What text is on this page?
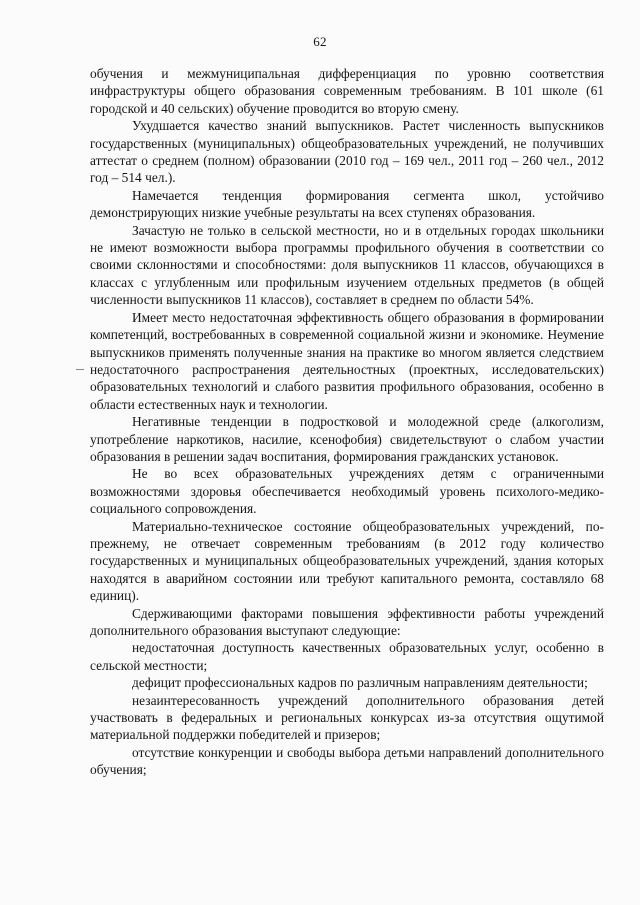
62

обучения и межмуниципальная дифференциация по уровню соответствия инфраструктуры общего образования современным требованиям. В 101 школе (61 городской и 40 сельских) обучение проводится во вторую смену.

Ухудшается качество знаний выпускников. Растет численность выпускников государственных (муниципальных) общеобразовательных учреждений, не получивших аттестат о среднем (полном) образовании (2010 год – 169 чел., 2011 год – 260 чел., 2012 год – 514 чел.).

Намечается тенденция формирования сегмента школ, устойчиво демонстрирующих низкие учебные результаты на всех ступенях образования.

Зачастую не только в сельской местности, но и в отдельных городах школьники не имеют возможности выбора программы профильного обучения в соответствии со своими склонностями и способностями: доля выпускников 11 классов, обучающихся в классах с углубленным или профильным изучением отдельных предметов (в общей численности выпускников 11 классов), составляет в среднем по области 54%.

Имеет место недостаточная эффективность общего образования в формировании компетенций, востребованных в современной социальной жизни и экономике. Неумение выпускников применять полученные знания на практике во многом является следствием недостаточного распространения деятельностных (проектных, исследовательских) образовательных технологий и слабого развития профильного образования, особенно в области естественных наук и технологии.

Негативные тенденции в подростковой и молодежной среде (алкоголизм, употребление наркотиков, насилие, ксенофобия) свидетельствуют о слабом участии образования в решении задач воспитания, формирования гражданских установок.

Не во всех образовательных учреждениях детям с ограниченными возможностями здоровья обеспечивается необходимый уровень психолого-медико-социального сопровождения.

Материально-техническое состояние общеобразовательных учреждений, по-прежнему, не отвечает современным требованиям (в 2012 году количество государственных и муниципальных общеобразовательных учреждений, здания которых находятся в аварийном состоянии или требуют капитального ремонта, составляло 68 единиц).

Сдерживающими факторами повышения эффективности работы учреждений дополнительного образования выступают следующие:

недостаточная доступность качественных образовательных услуг, особенно в сельской местности;

дефицит профессиональных кадров по различным направлениям деятельности;

незаинтересованность учреждений дополнительного образования детей участвовать в федеральных и региональных конкурсах из-за отсутствия ощутимой материальной поддержки победителей и призеров;

отсутствие конкуренции и свободы выбора детьми направлений дополнительного обучения;
